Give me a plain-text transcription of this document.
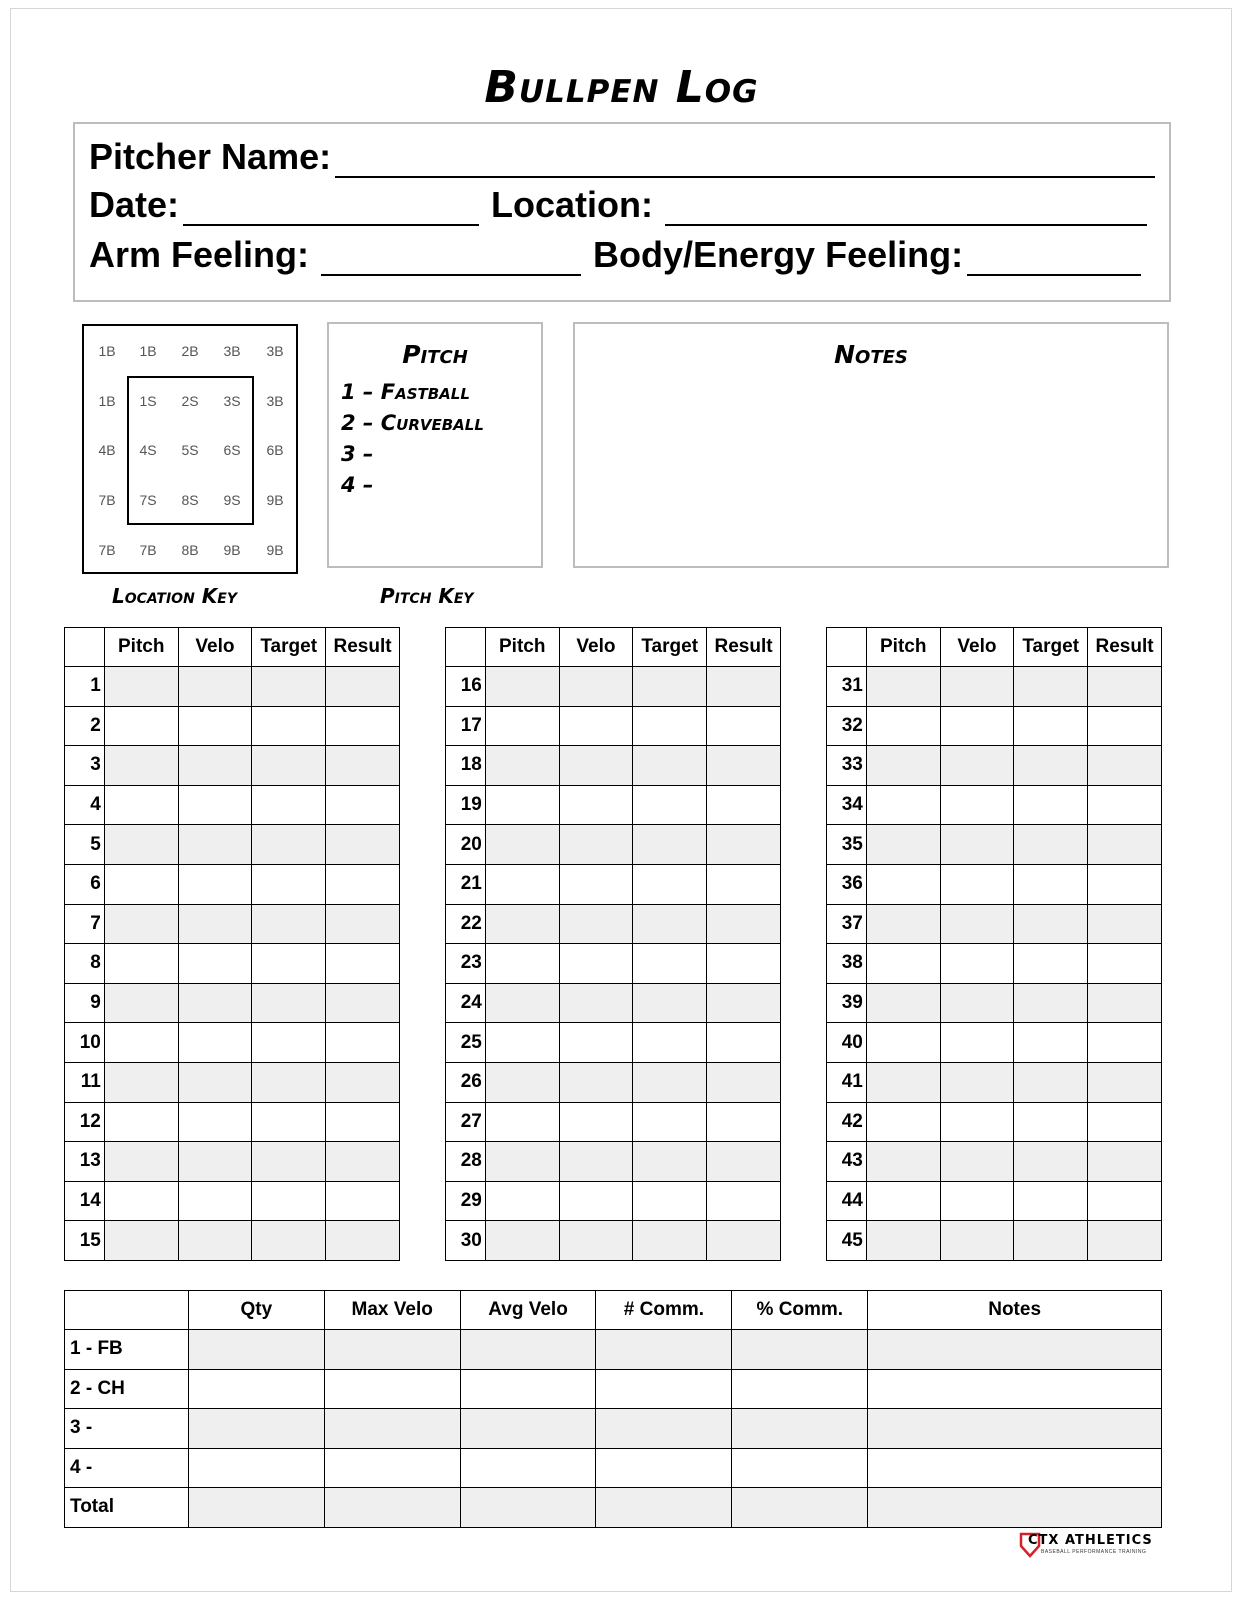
Bullpen Log
Pitcher Name:
Date:	Location:
Arm Feeling:	Body/Energy Feeling:
1B	1B	2B	3B	3B
1B	1S	2S	3S	3B
4B	4S	5S	6S	6B
7B	7S	8S	9S	9B
7B	7B	8B	9B	9B
Location Key
Pitch
1 – Fastball
2 – Curveball
3 –
4 –
Pitch Key
Notes
	Pitch	Velo	Target	Result
1				
2				
3				
4				
5				
6				
7				
8				
9				
10				
11				
12				
13				
14				
15				
	Pitch	Velo	Target	Result
16				
17				
18				
19				
20				
21				
22				
23				
24				
25				
26				
27				
28				
29				
30				
	Pitch	Velo	Target	Result
31				
32				
33				
34				
35				
36				
37				
38				
39				
40				
41				
42				
43				
44				
45				
	Qty	Max Velo	Avg Velo	# Comm.	% Comm.	Notes
1 - FB						
2 - CH						
3 -						
4 -						
Total						
CTX ATHLETICS
BASEBALL PERFORMANCE TRAINING
